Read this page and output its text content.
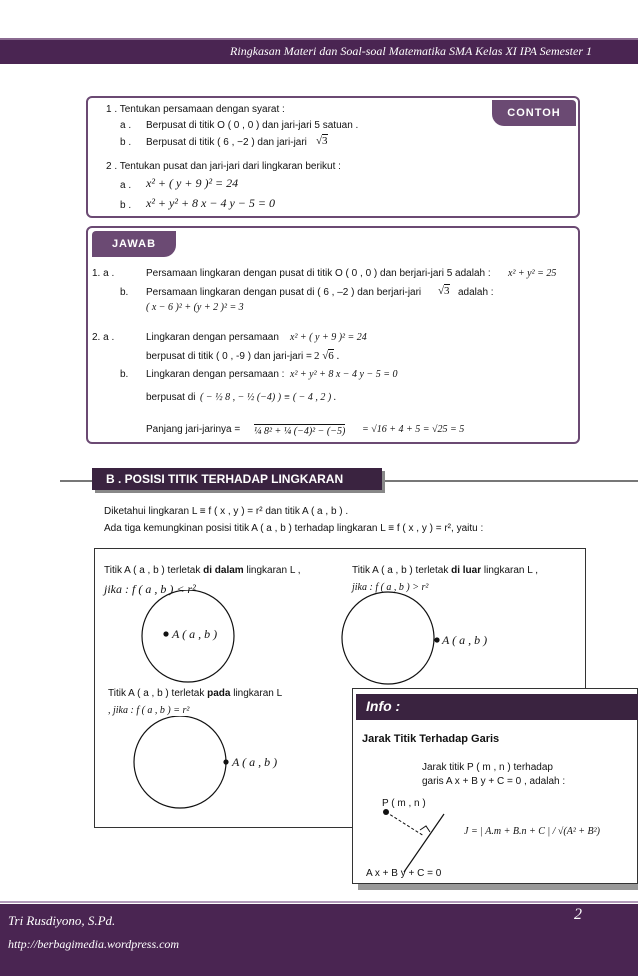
Ringkasan Materi dan Soal-soal Matematika SMA Kelas XI IPA Semester 1
CONTOH
1 . Tentukan persamaan dengan syarat :
a . Berpusat di titik O ( 0 , 0 ) dan jari-jari 5 satuan .
b . Berpusat di titik ( 6 , −2 ) dan jari-jari √3
2 . Tentukan pusat dan jari-jari dari lingkaran berikut :
a . x² + ( y + 9 )² = 24
b . x² + y² + 8 x − 4 y − 5 = 0
JAWAB
1. a .	Persamaan lingkaran dengan pusat di titik O ( 0 , 0 ) dan berjari-jari 5 adalah : x² + y² = 25
b. Persamaan lingkaran dengan pusat di ( 6 , –2 ) dan berjari-jari √3 adalah :
( x − 6 )² + (y + 2 )² = 3
2. a .	Lingkaran dengan persamaan x² + ( y + 9 )² = 24
berpusat di titik ( 0 , -9 ) dan jari-jari = 2 √6 .
b. Lingkaran dengan persamaan : x² + y² + 8 x − 4 y − 5 = 0
berpusat di ( − ½ 8 , − ½ (−4) ) ≡ ( − 4 , 2 ) .
Panjang jari-jarinya = ¼ 8² + ¼ (−4)² − (−5) = √16 + 4 + 5 = √25 = 5
B . POSISI TITIK TERHADAP LINGKARAN
Diketahui lingkaran L ≡ f ( x , y ) = r² dan titik A ( a , b ) .
Ada tiga kemungkinan posisi titik A ( a , b ) terhadap lingkaran L ≡ f ( x , y ) = r², yaitu :
Titik A ( a , b ) terletak di dalam lingkaran L ,
jika : f ( a , b ) < r²
A ( a , b )
Titik A ( a , b ) terletak di luar lingkaran L ,
jika : f ( a , b ) > r²
A ( a , b )
Titik A ( a , b ) terletak pada lingkaran L
, jika : f ( a , b ) = r²
A ( a , b )
Info :
Jarak Titik Terhadap Garis
Jarak titik P ( m , n ) terhadap
garis A x + B y + C = 0 , adalah :
P ( m , n )
J = | A.m + B.n + C | / √(A² + B²)
A x + B y + C = 0
Tri Rusdiyono, S.Pd.
http://berbagimedia.wordpress.com
2
